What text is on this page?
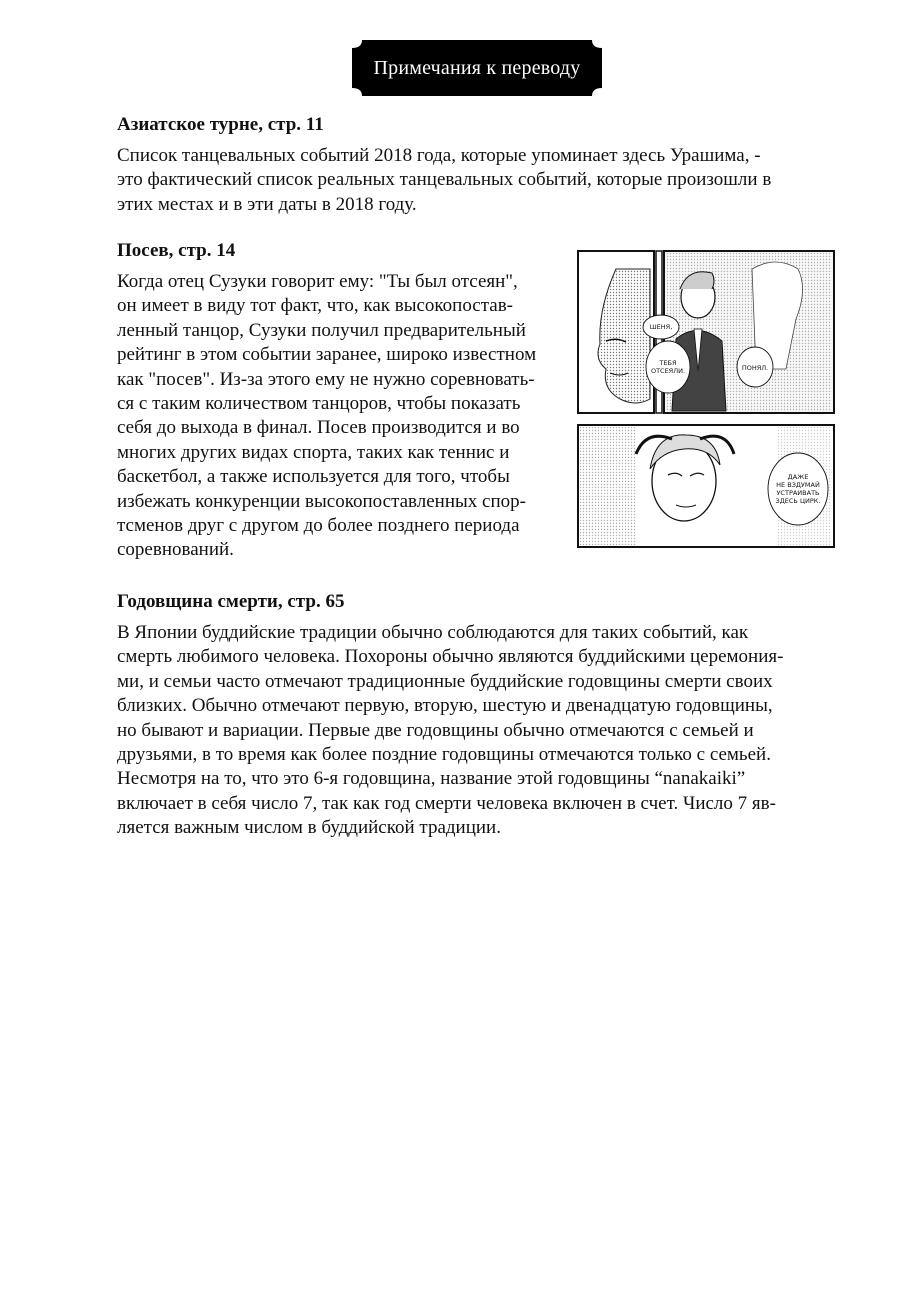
Примечания к переводу
Азиатское турне, стр. 11

Список танцевальных событий 2018 года, которые упоминает здесь Урашима, -
это фактический список реальных танцевальных событий, которые произошли в
этих местах и в эти даты в 2018 году.

Посев, стр. 14

Когда отец Сузуки говорит ему: "Ты был отсеян",
он имеет в виду тот факт, что, как высокопостав-
ленный танцор, Сузуки получил предварительный
рейтинг в этом событии заранее, широко известном
как "посев". Из-за этого ему не нужно соревновать-
ся с таким количеством танцоров, чтобы показать
себя до выхода в финал. Посев производится и во
многих других видах спорта, таких как теннис и
баскетбол, а также используется для того, чтобы
избежать конкуренции высокопоставленных спор-
тсменов друг с другом до более позднего периода
соревнований.

ШЕНЯ,
ТЕБЯ
ОТСЕЯЛИ.	ПОНЯЛ.
ДАЖЕ
НЕ ВЗДУМАЙ
УСТРАИВАТЬ
ЗДЕСЬ ЦИРК.
Годовщина смерти, стр. 65

В Японии буддийские традиции обычно соблюдаются для таких событий, как
смерть любимого человека. Похороны обычно являются буддийскими церемония-
ми, и семьи часто отмечают традиционные буддийские годовщины смерти своих
близких. Обычно отмечают первую, вторую, шестую и двенадцатую годовщины,
но бывают и вариации. Первые две годовщины обычно отмечаются с семьей и
друзьями, в то время как более поздние годовщины отмечаются только с семьей.
Несмотря на то, что это 6-я годовщина, название этой годовщины “nanakaiki”
включает в себя число 7, так как год смерти человека включен в счет. Число 7 яв-
ляется важным числом в буддийской традиции.
